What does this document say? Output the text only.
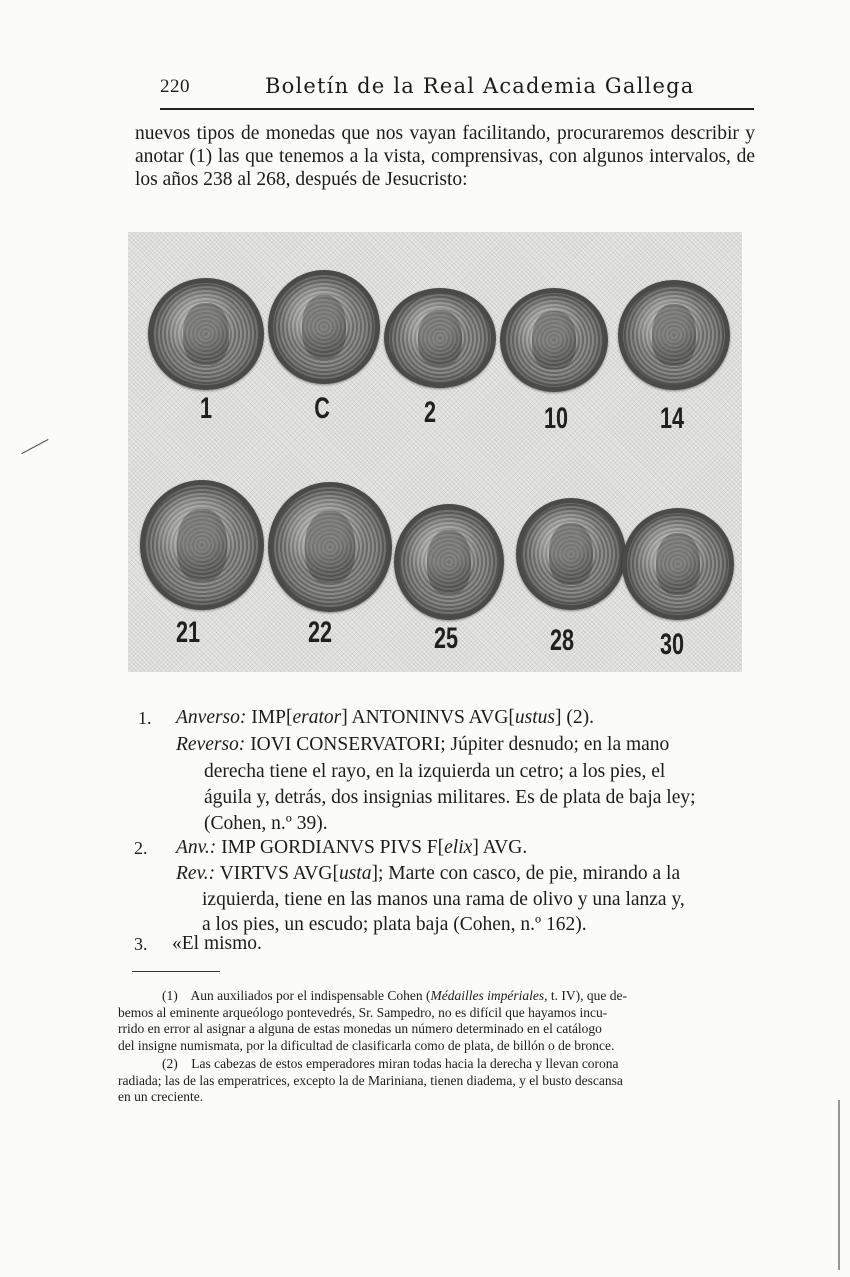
220	Boletín de la Real Academia Gallega
nuevos tipos de monedas que nos vayan facilitando, procuraremos describir y anotar (1) las que tenemos a la vista, comprensivas, con algunos intervalos, de los años 238 al 268, después de Jesucristo:
1	C	2	10	14
21	22	25	28	30
1. Anverso: IMP[erator] ANTONINVS AVG[ustus] (2).
Reverso: IOVI CONSERVATORI; Júpiter desnudo; en la mano
derecha tiene el rayo, en la izquierda un cetro; a los pies, el
águila y, detrás, dos insignias militares. Es de plata de baja ley;
(Cohen, n.º 39).
2. Anv.: IMP GORDIANVS PIVS F[elix] AVG.
Rev.: VIRTVS AVG[usta]; Marte con casco, de pie, mirando a la
izquierda, tiene en las manos una rama de olivo y una lanza y,
a los pies, un escudo; plata baja (Cohen, n.º 162).
3. «El mismo.
(1) Aun auxiliados por el indispensable Cohen (Médailles impériales, t. IV), que de-
bemos al eminente arqueólogo pontevedrés, Sr. Sampedro, no es difícil que hayamos incu-
rrido en error al asignar a alguna de estas monedas un número determinado en el catálogo
del insigne numismata, por la dificultad de clasificarla como de plata, de billón o de bronce.
(2) Las cabezas de estos emperadores miran todas hacia la derecha y llevan corona
radiada; las de las emperatrices, excepto la de Mariniana, tienen diadema, y el busto descansa
en un creciente.
